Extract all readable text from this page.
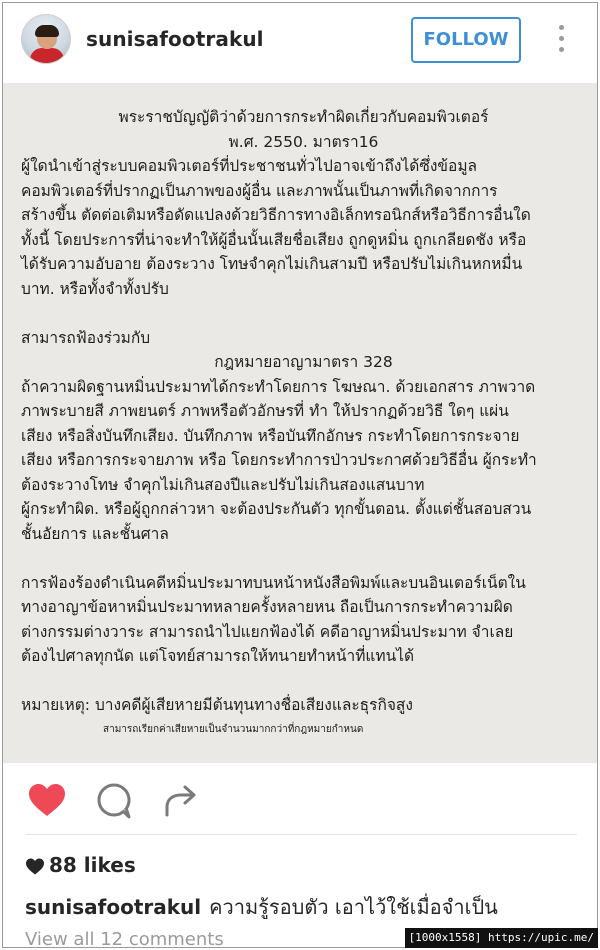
sunisafootrakul	FOLLOW
พระราชบัญญัติว่าด้วยการกระทำผิดเกี่ยวกับคอมพิวเตอร์
พ.ศ. 2550. มาตรา16
ผู้ใดนำเข้าสู่ระบบคอมพิวเตอร์ที่ประชาชนทั่วไปอาจเข้าถึงได้ซึ่งข้อมูล
คอมพิวเตอร์ที่ปรากฏเป็นภาพของผู้อื่น และภาพนั้นเป็นภาพที่เกิดจากการ
สร้างขึ้น ตัดต่อเติมหรือดัดแปลงด้วยวิธีการทางอิเล็กทรอนิกส์หรือวิธีการอื่นใด
ทั้งนี้ โดยประการที่น่าจะทำให้ผู้อื่นนั้นเสียชื่อเสียง ถูกดูหมิ่น ถูกเกลียดชัง หรือ
ได้รับความอับอาย ต้องระวาง โทษจำคุกไม่เกินสามปี หรือปรับไม่เกินหกหมื่น
บาท. หรือทั้งจำทั้งปรับ
สามารถฟ้องร่วมกับ
กฎหมายอาญามาตรา 328
ถ้าความผิดฐานหมิ่นประมาทได้กระทำโดยการ โฆษณา. ด้วยเอกสาร ภาพวาด
ภาพระบายสี ภาพยนตร์ ภาพหรือตัวอักษรที่ ทำ ให้ปรากฏด้วยวิธี ใดๆ แผ่น
เสียง หรือสิ่งบันทึกเสียง. บันทึกภาพ หรือบันทึกอักษร กระทำโดยการกระจาย
เสียง หรือการกระจายภาพ หรือ โดยกระทำการป่าวประกาศด้วยวิธีอื่น ผู้กระทำ
ต้องระวางโทษ จำคุกไม่เกินสองปีและปรับไม่เกินสองแสนบาท
ผู้กระทำผิด. หรือผู้ถูกกล่าวหา จะต้องประกันตัว ทุกขั้นตอน. ตั้งแต่ชั้นสอบสวน
ชั้นอัยการ และชั้นศาล
การฟ้องร้องดำเนินคดีหมิ่นประมาทบนหน้าหนังสือพิมพ์และบนอินเตอร์เน็ตใน
ทางอาญาข้อหาหมิ่นประมาทหลายครั้งหลายหน ถือเป็นการกระทำความผิด
ต่างกรรมต่างวาระ สามารถนำไปแยกฟ้องได้ คดีอาญาหมิ่นประมาท จำเลย
ต้องไปศาลทุกนัด แต่โจทย์สามารถให้ทนายทำหน้าที่แทนได้
หมายเหตุ: บางคดีผู้เสียหายมีต้นทุนทางชื่อเสียงและธุรกิจสูง
สามารถเรียกค่าเสียหายเป็นจำนวนมากกว่าที่กฎหมายกำหนด
88 likes
sunisafootrakul ความรู้รอบตัว เอาไว้ใช้เมื่อจำเป็น
View all 12 comments	[1000x1558] https://upic.me/
